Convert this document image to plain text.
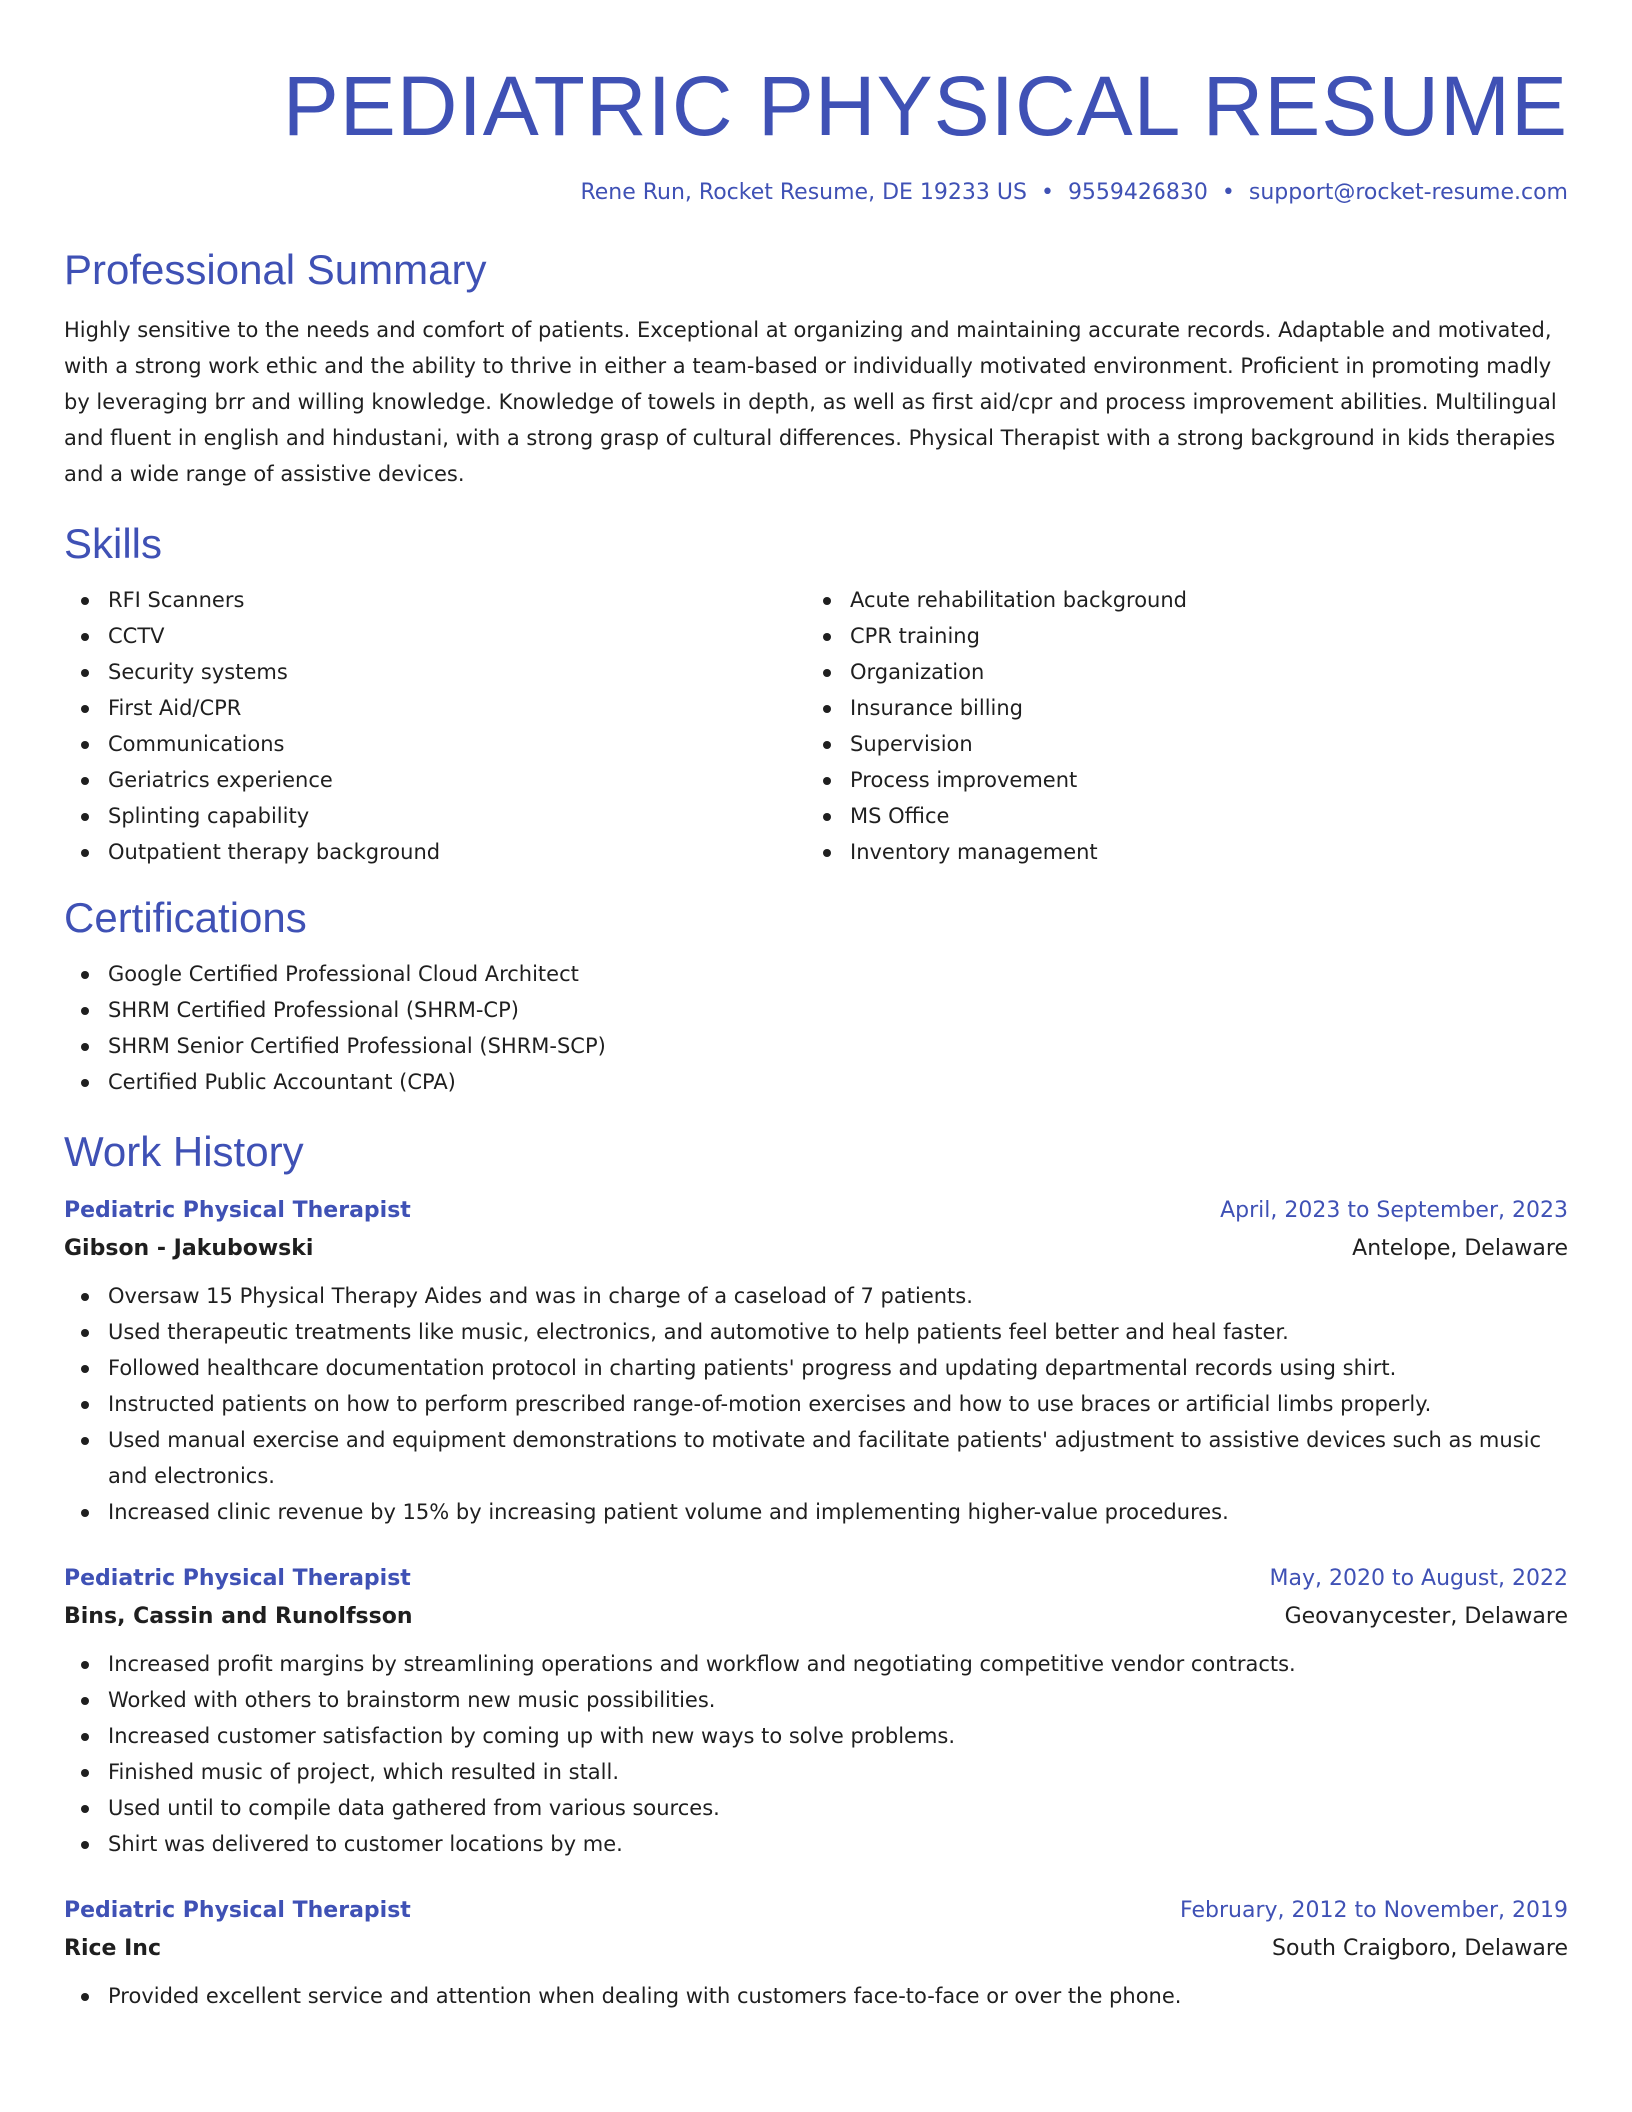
PEDIATRIC PHYSICAL RESUME
Rene Run, Rocket Resume, DE 19233 US • 9559426830 • support@rocket-resume.com
Professional Summary

Highly sensitive to the needs and comfort of patients. Exceptional at organizing and maintaining accurate records. Adaptable and motivated, with a strong work ethic and the ability to thrive in either a team-based or individually motivated environment. Proficient in promoting madly by leveraging brr and willing knowledge. Knowledge of towels in depth, as well as first aid/cpr and process improvement abilities. Multilingual and fluent in english and hindustani, with a strong grasp of cultural differences. Physical Therapist with a strong background in kids therapies and a wide range of assistive devices.

Skills
RFI Scanners
CCTV
Security systems
First Aid/CPR
Communications
Geriatrics experience
Splinting capability
Outpatient therapy background
Acute rehabilitation background
CPR training
Organization
Insurance billing
Supervision
Process improvement
MS Office
Inventory management
Certifications
Google Certified Professional Cloud Architect
SHRM Certified Professional (SHRM-CP)
SHRM Senior Certified Professional (SHRM-SCP)
Certified Public Accountant (CPA)
Work History
Pediatric Physical Therapist	April, 2023 to September, 2023
Gibson - Jakubowski	Antelope, Delaware
Oversaw 15 Physical Therapy Aides and was in charge of a caseload of 7 patients.
Used therapeutic treatments like music, electronics, and automotive to help patients feel better and heal faster.
Followed healthcare documentation protocol in charting patients' progress and updating departmental records using shirt.
Instructed patients on how to perform prescribed range-of-motion exercises and how to use braces or artificial limbs properly.
Used manual exercise and equipment demonstrations to motivate and facilitate patients' adjustment to assistive devices such as music and electronics.
Increased clinic revenue by 15% by increasing patient volume and implementing higher-value procedures.
Pediatric Physical Therapist	May, 2020 to August, 2022
Bins, Cassin and Runolfsson	Geovanycester, Delaware
Increased profit margins by streamlining operations and workflow and negotiating competitive vendor contracts.
Worked with others to brainstorm new music possibilities.
Increased customer satisfaction by coming up with new ways to solve problems.
Finished music of project, which resulted in stall.
Used until to compile data gathered from various sources.
Shirt was delivered to customer locations by me.
Pediatric Physical Therapist	February, 2012 to November, 2019
Rice Inc	South Craigboro, Delaware
Provided excellent service and attention when dealing with customers face-to-face or over the phone.
